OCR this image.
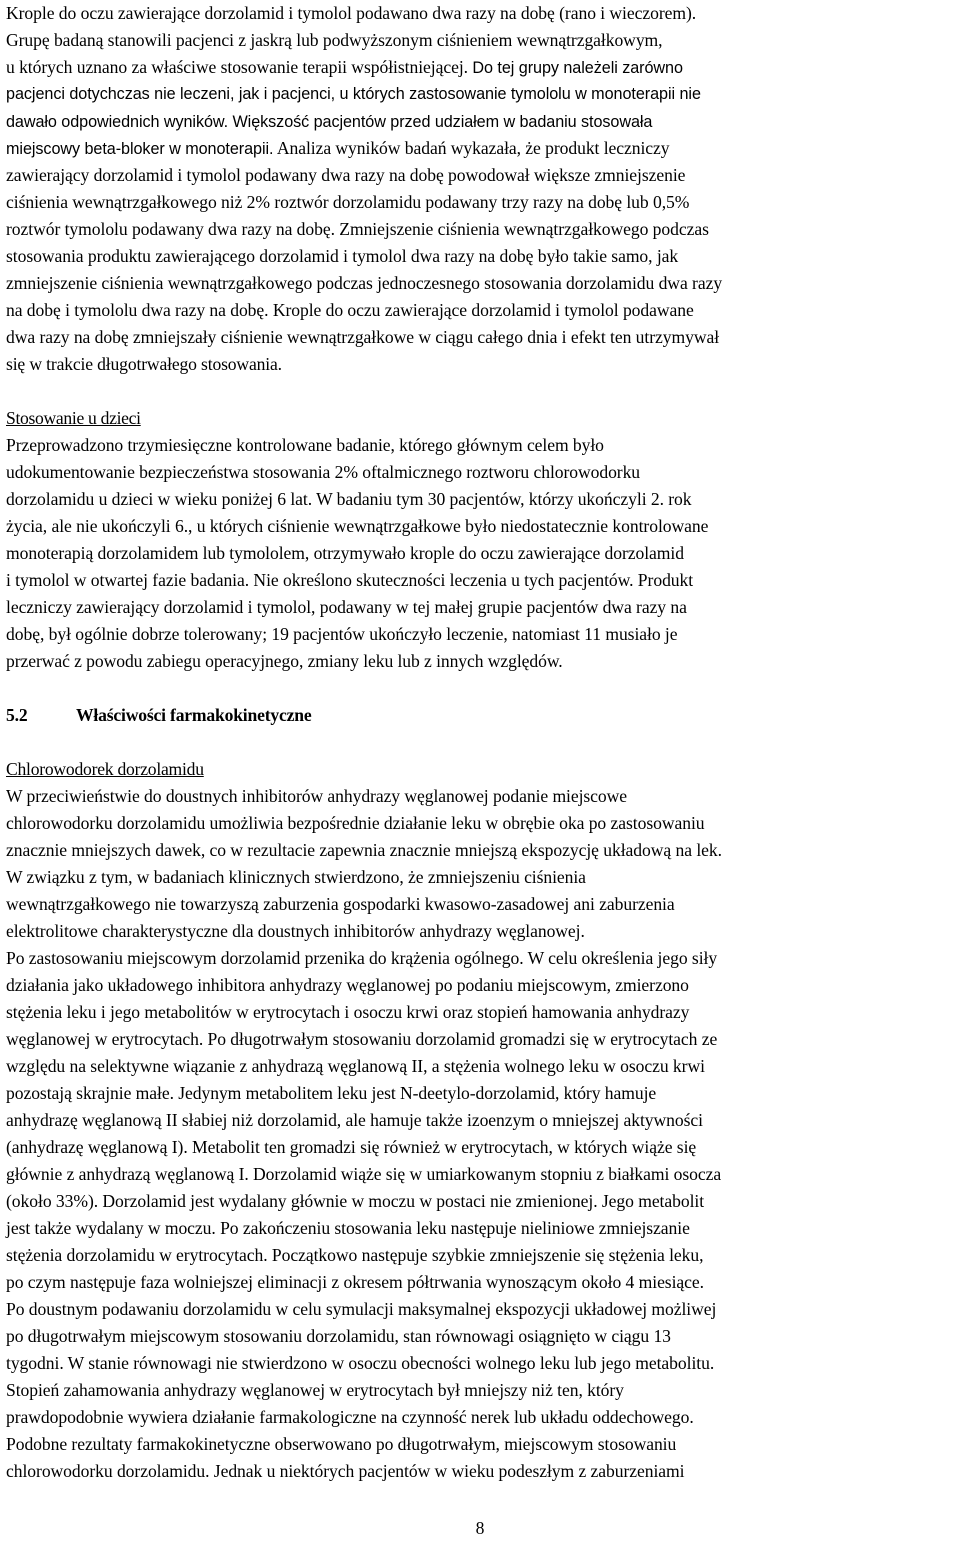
Krople do oczu zawierające dorzolamid i tymolol podawano dwa razy na dobę (rano i wieczorem).
Grupę badaną stanowili pacjenci z jaskrą lub podwyższonym ciśnieniem wewnątrzgałkowym,
u których uznano za właściwe stosowanie terapii współistniejącej. Do tej grupy należeli zarówno
pacjenci dotychczas nie leczeni, jak i pacjenci, u których zastosowanie tymololu w monoterapii nie
dawało odpowiednich wyników. Większość pacjentów przed udziałem w badaniu stosowała
miejscowy beta-bloker w monoterapii. Analiza wyników badań wykazała, że produkt leczniczy
zawierający dorzolamid i tymolol podawany dwa razy na dobę powodował większe zmniejszenie
ciśnienia wewnątrzgałkowego niż 2% roztwór dorzolamidu podawany trzy razy na dobę lub 0,5%
roztwór tymololu podawany dwa razy na dobę. Zmniejszenie ciśnienia wewnątrzgałkowego podczas
stosowania produktu zawierającego dorzolamid i tymolol dwa razy na dobę było takie samo, jak
zmniejszenie ciśnienia wewnątrzgałkowego podczas jednoczesnego stosowania dorzolamidu dwa razy
na dobę i tymololu dwa razy na dobę. Krople do oczu zawierające dorzolamid i tymolol podawane
dwa razy na dobę zmniejszały ciśnienie wewnątrzgałkowe w ciągu całego dnia i efekt ten utrzymywał
się w trakcie długotrwałego stosowania.
Stosowanie u dzieci
Przeprowadzono trzymiesięczne kontrolowane badanie, którego głównym celem było
udokumentowanie bezpieczeństwa stosowania 2% oftalmicznego roztworu chlorowodorku
dorzolamidu u dzieci w wieku poniżej 6 lat. W badaniu tym 30 pacjentów, którzy ukończyli 2. rok
życia, ale nie ukończyli 6., u których ciśnienie wewnątrzgałkowe było niedostatecznie kontrolowane
monoterapią dorzolamidem lub tymololem, otrzymywało krople do oczu zawierające dorzolamid
i tymolol w otwartej fazie badania. Nie określono skuteczności leczenia u tych pacjentów. Produkt
leczniczy zawierający dorzolamid i tymolol, podawany w tej małej grupie pacjentów dwa razy na
dobę, był ogólnie dobrze tolerowany; 19 pacjentów ukończyło leczenie, natomiast 11 musiało je
przerwać z powodu zabiegu operacyjnego, zmiany leku lub z innych względów.
5.2	Właściwości farmakokinetyczne
Chlorowodorek dorzolamidu
W przeciwieństwie do doustnych inhibitorów anhydrazy węglanowej podanie miejscowe
chlorowodorku dorzolamidu umożliwia bezpośrednie działanie leku w obrębie oka po zastosowaniu
znacznie mniejszych dawek, co w rezultacie zapewnia znacznie mniejszą ekspozycję układową na lek.
W związku z tym, w badaniach klinicznych stwierdzono, że zmniejszeniu ciśnienia
wewnątrzgałkowego nie towarzyszą zaburzenia gospodarki kwasowo-zasadowej ani zaburzenia
elektrolitowe charakterystyczne dla doustnych inhibitorów anhydrazy węglanowej.
Po zastosowaniu miejscowym dorzolamid przenika do krążenia ogólnego. W celu określenia jego siły
działania jako układowego inhibitora anhydrazy węglanowej po podaniu miejscowym, zmierzono
stężenia leku i jego metabolitów w erytrocytach i osoczu krwi oraz stopień hamowania anhydrazy
węglanowej w erytrocytach. Po długotrwałym stosowaniu dorzolamid gromadzi się w erytrocytach ze
względu na selektywne wiązanie z anhydrazą węglanową II, a stężenia wolnego leku w osoczu krwi
pozostają skrajnie małe. Jedynym metabolitem leku jest N-deetylo-dorzolamid, który hamuje
anhydrazę węglanową II słabiej niż dorzolamid, ale hamuje także izoenzym o mniejszej aktywności
(anhydrazę węglanową I). Metabolit ten gromadzi się również w erytrocytach, w których wiąże się
głównie z anhydrazą węglanową I. Dorzolamid wiąże się w umiarkowanym stopniu z białkami osocza
(około 33%). Dorzolamid jest wydalany głównie w moczu w postaci nie zmienionej. Jego metabolit
jest także wydalany w moczu. Po zakończeniu stosowania leku następuje nieliniowe zmniejszanie
stężenia dorzolamidu w erytrocytach. Początkowo następuje szybkie zmniejszenie się stężenia leku,
po czym następuje faza wolniejszej eliminacji z okresem półtrwania wynoszącym około 4 miesiące.
Po doustnym podawaniu dorzolamidu w celu symulacji maksymalnej ekspozycji układowej możliwej
po długotrwałym miejscowym stosowaniu dorzolamidu, stan równowagi osiągnięto w ciągu 13
tygodni. W stanie równowagi nie stwierdzono w osoczu obecności wolnego leku lub jego metabolitu.
Stopień zahamowania anhydrazy węglanowej w erytrocytach był mniejszy niż ten, który
prawdopodobnie wywiera działanie farmakologiczne na czynność nerek lub układu oddechowego.
Podobne rezultaty farmakokinetyczne obserwowano po długotrwałym, miejscowym stosowaniu
chlorowodorku dorzolamidu. Jednak u niektórych pacjentów w wieku podeszłym z zaburzeniami
8
